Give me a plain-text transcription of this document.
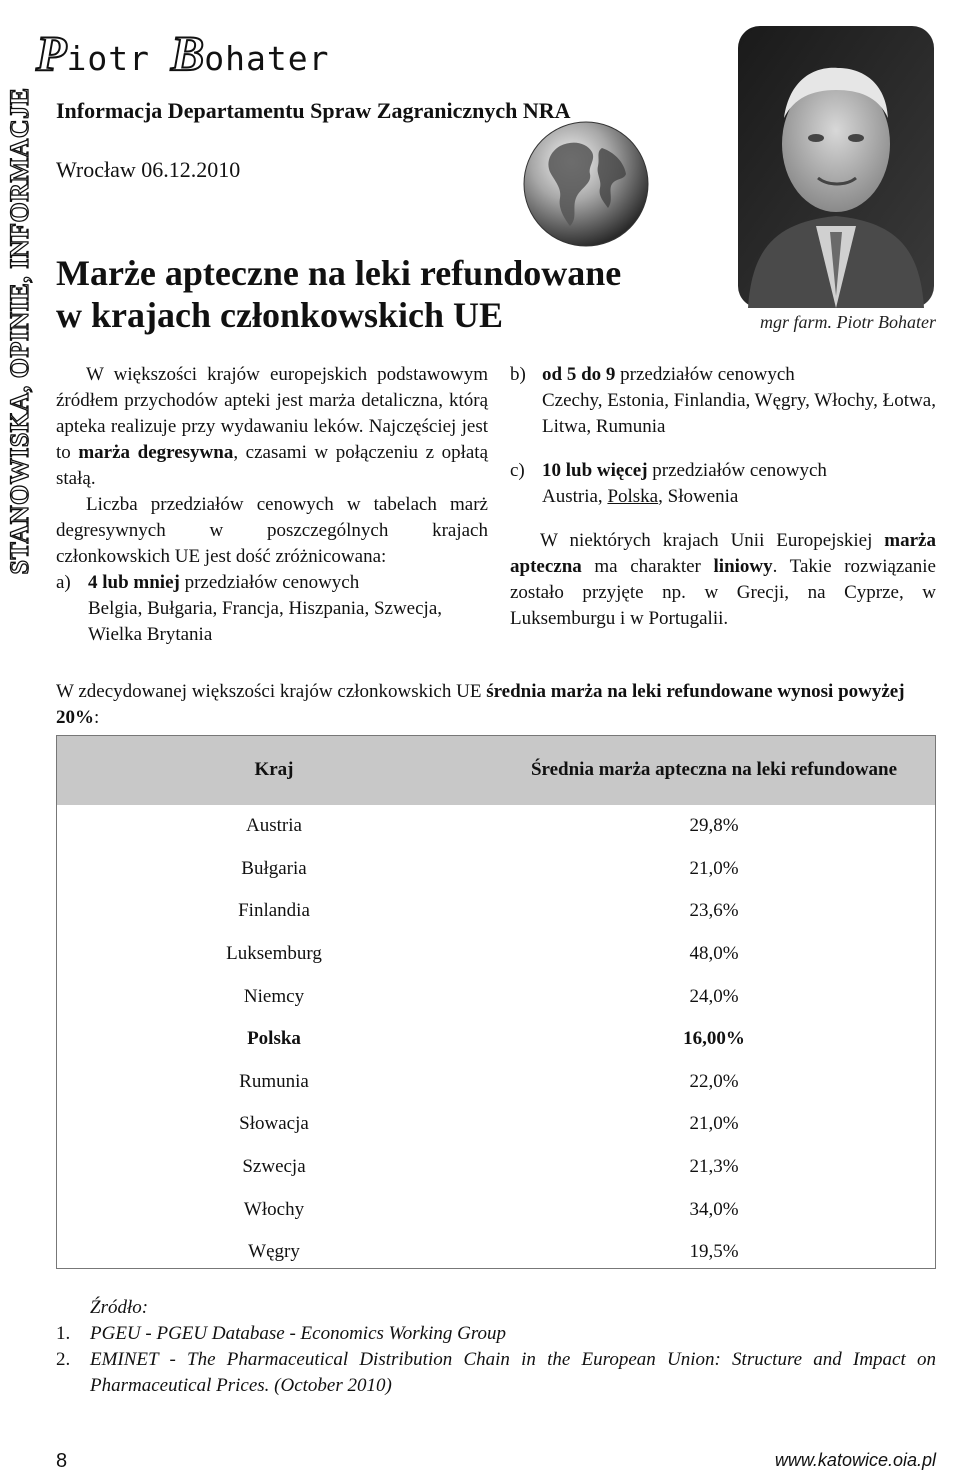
STANOWISKA, OPINIE, INFORMACJE
Piotr Bohater
Informacja Departamentu Spraw Zagranicznych NRA
Wrocław 06.12.2010
mgr farm. Piotr Bohater
Marże apteczne na leki refundowane
w krajach członkowskich UE

W większości krajów europejskich podstawowym źródłem przychodów apteki jest marża detaliczna, którą apteka realizuje przy wydawaniu leków. Najczęściej jest to marża degresywna, czasami w połączeniu z opłatą stałą.

Liczba przedziałów cenowych w tabelach marż degresywnych w poszczególnych krajach członkowskich UE jest dość zróżnicowana:

a) 4 lub mniej przedziałów cenowych
Belgia, Bułgaria, Francja, Hiszpania, Szwecja, Wielka Brytania
b) od 5 do 9 przedziałów cenowych
Czechy, Estonia, Finlandia, Węgry, Włochy, Łotwa, Litwa, Rumunia
c) 10 lub więcej przedziałów cenowych
Austria, Polska, Słowenia

W niektórych krajach Unii Europejskiej marża apteczna ma charakter liniowy. Takie rozwiązanie zostało przyjęte np. w Grecji, na Cyprze, w Luksemburgu i w Portugalii.

W zdecydowanej większości krajów członkowskich UE średnia marża na leki refundowane wynosi powyżej 20%:
Kraj	Średnia marża apteczna na leki refundowane
Austria	29,8%
Bułgaria	21,0%
Finlandia	23,6%
Luksemburg	48,0%
Niemcy	24,0%
Polska	16,00%
Rumunia	22,0%
Słowacja	21,0%
Szwecja	21,3%
Włochy	34,0%
Węgry	19,5%
Źródło:
1.	PGEU - PGEU Database - Economics Working Group
2.	EMINET - The Pharmaceutical Distribution Chain in the European Union: Structure and Impact on Pharmaceutical Prices. (October 2010)
8	www.katowice.oia.pl
